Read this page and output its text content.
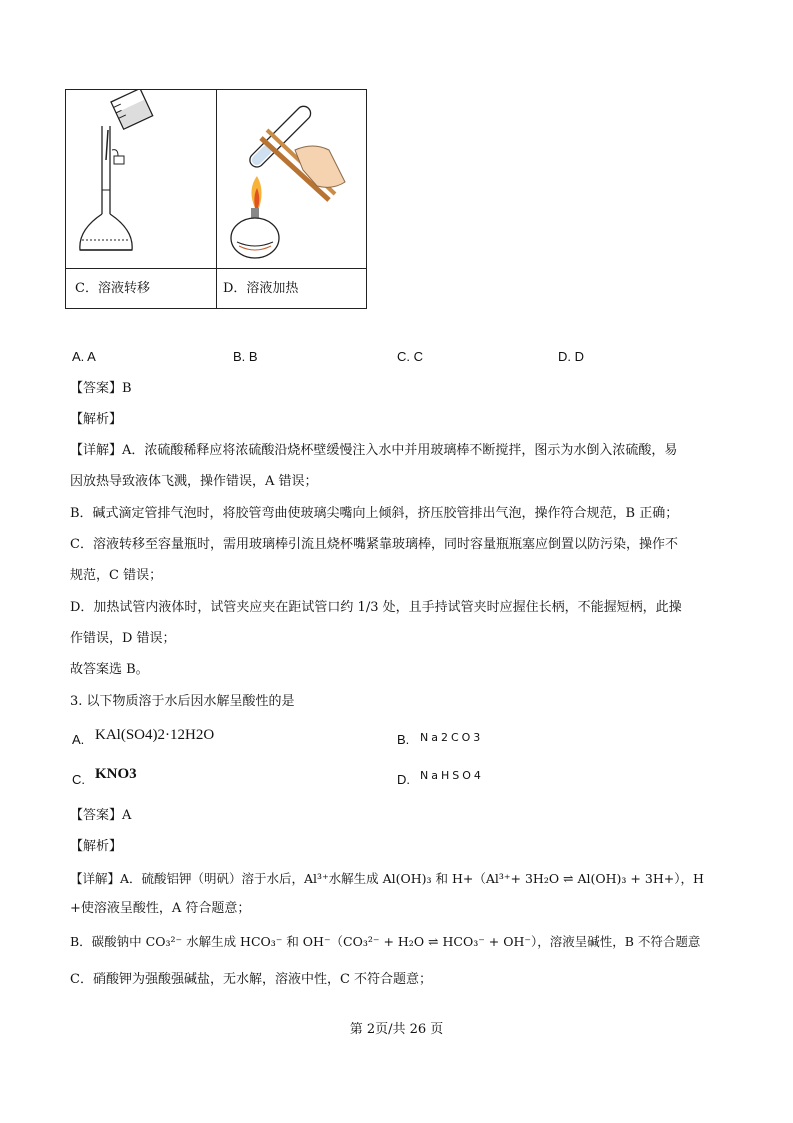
C．溶液转移	D．溶液加热
A. A	B. B	C. C	D. D
【答案】B
【解析】
【详解】A．浓硫酸稀释应将浓硫酸沿烧杯壁缓慢注入水中并用玻璃棒不断搅拌，图示为水倒入浓硫酸，易
因放热导致液体飞溅，操作错误，A 错误；
B．碱式滴定管排气泡时，将胶管弯曲使玻璃尖嘴向上倾斜，挤压胶管排出气泡，操作符合规范，B 正确；
C．溶液转移至容量瓶时，需用玻璃棒引流且烧杯嘴紧靠玻璃棒，同时容量瓶瓶塞应倒置以防污染，操作不
规范，C 错误；
D．加热试管内液体时，试管夹应夹在距试管口约 1/3 处，且手持试管夹时应握住长柄，不能握短柄，此操
作错误，D 错误；
故答案选 B。
3. 以下物质溶于水后因水解呈酸性的是
A. KAl(SO4)2·12H2O	B. Na2CO3
C. KNO3	D. NaHSO4
【答案】A
【解析】
【详解】A．硫酸铝钾（明矾）溶于水后，Al³⁺水解生成 Al(OH)₃ 和 H+（Al³⁺+ 3H₂O ⇌ Al(OH)₃ + 3H+），H
+使溶液呈酸性，A 符合题意；
B．碳酸钠中 CO₃²⁻ 水解生成 HCO₃⁻ 和 OH⁻（CO₃²⁻ + H₂O ⇌ HCO₃⁻ + OH⁻），溶液呈碱性，B 不符合题意
C．硝酸钾为强酸强碱盐，无水解，溶液中性，C 不符合题意；
第 2页/共 26 页
